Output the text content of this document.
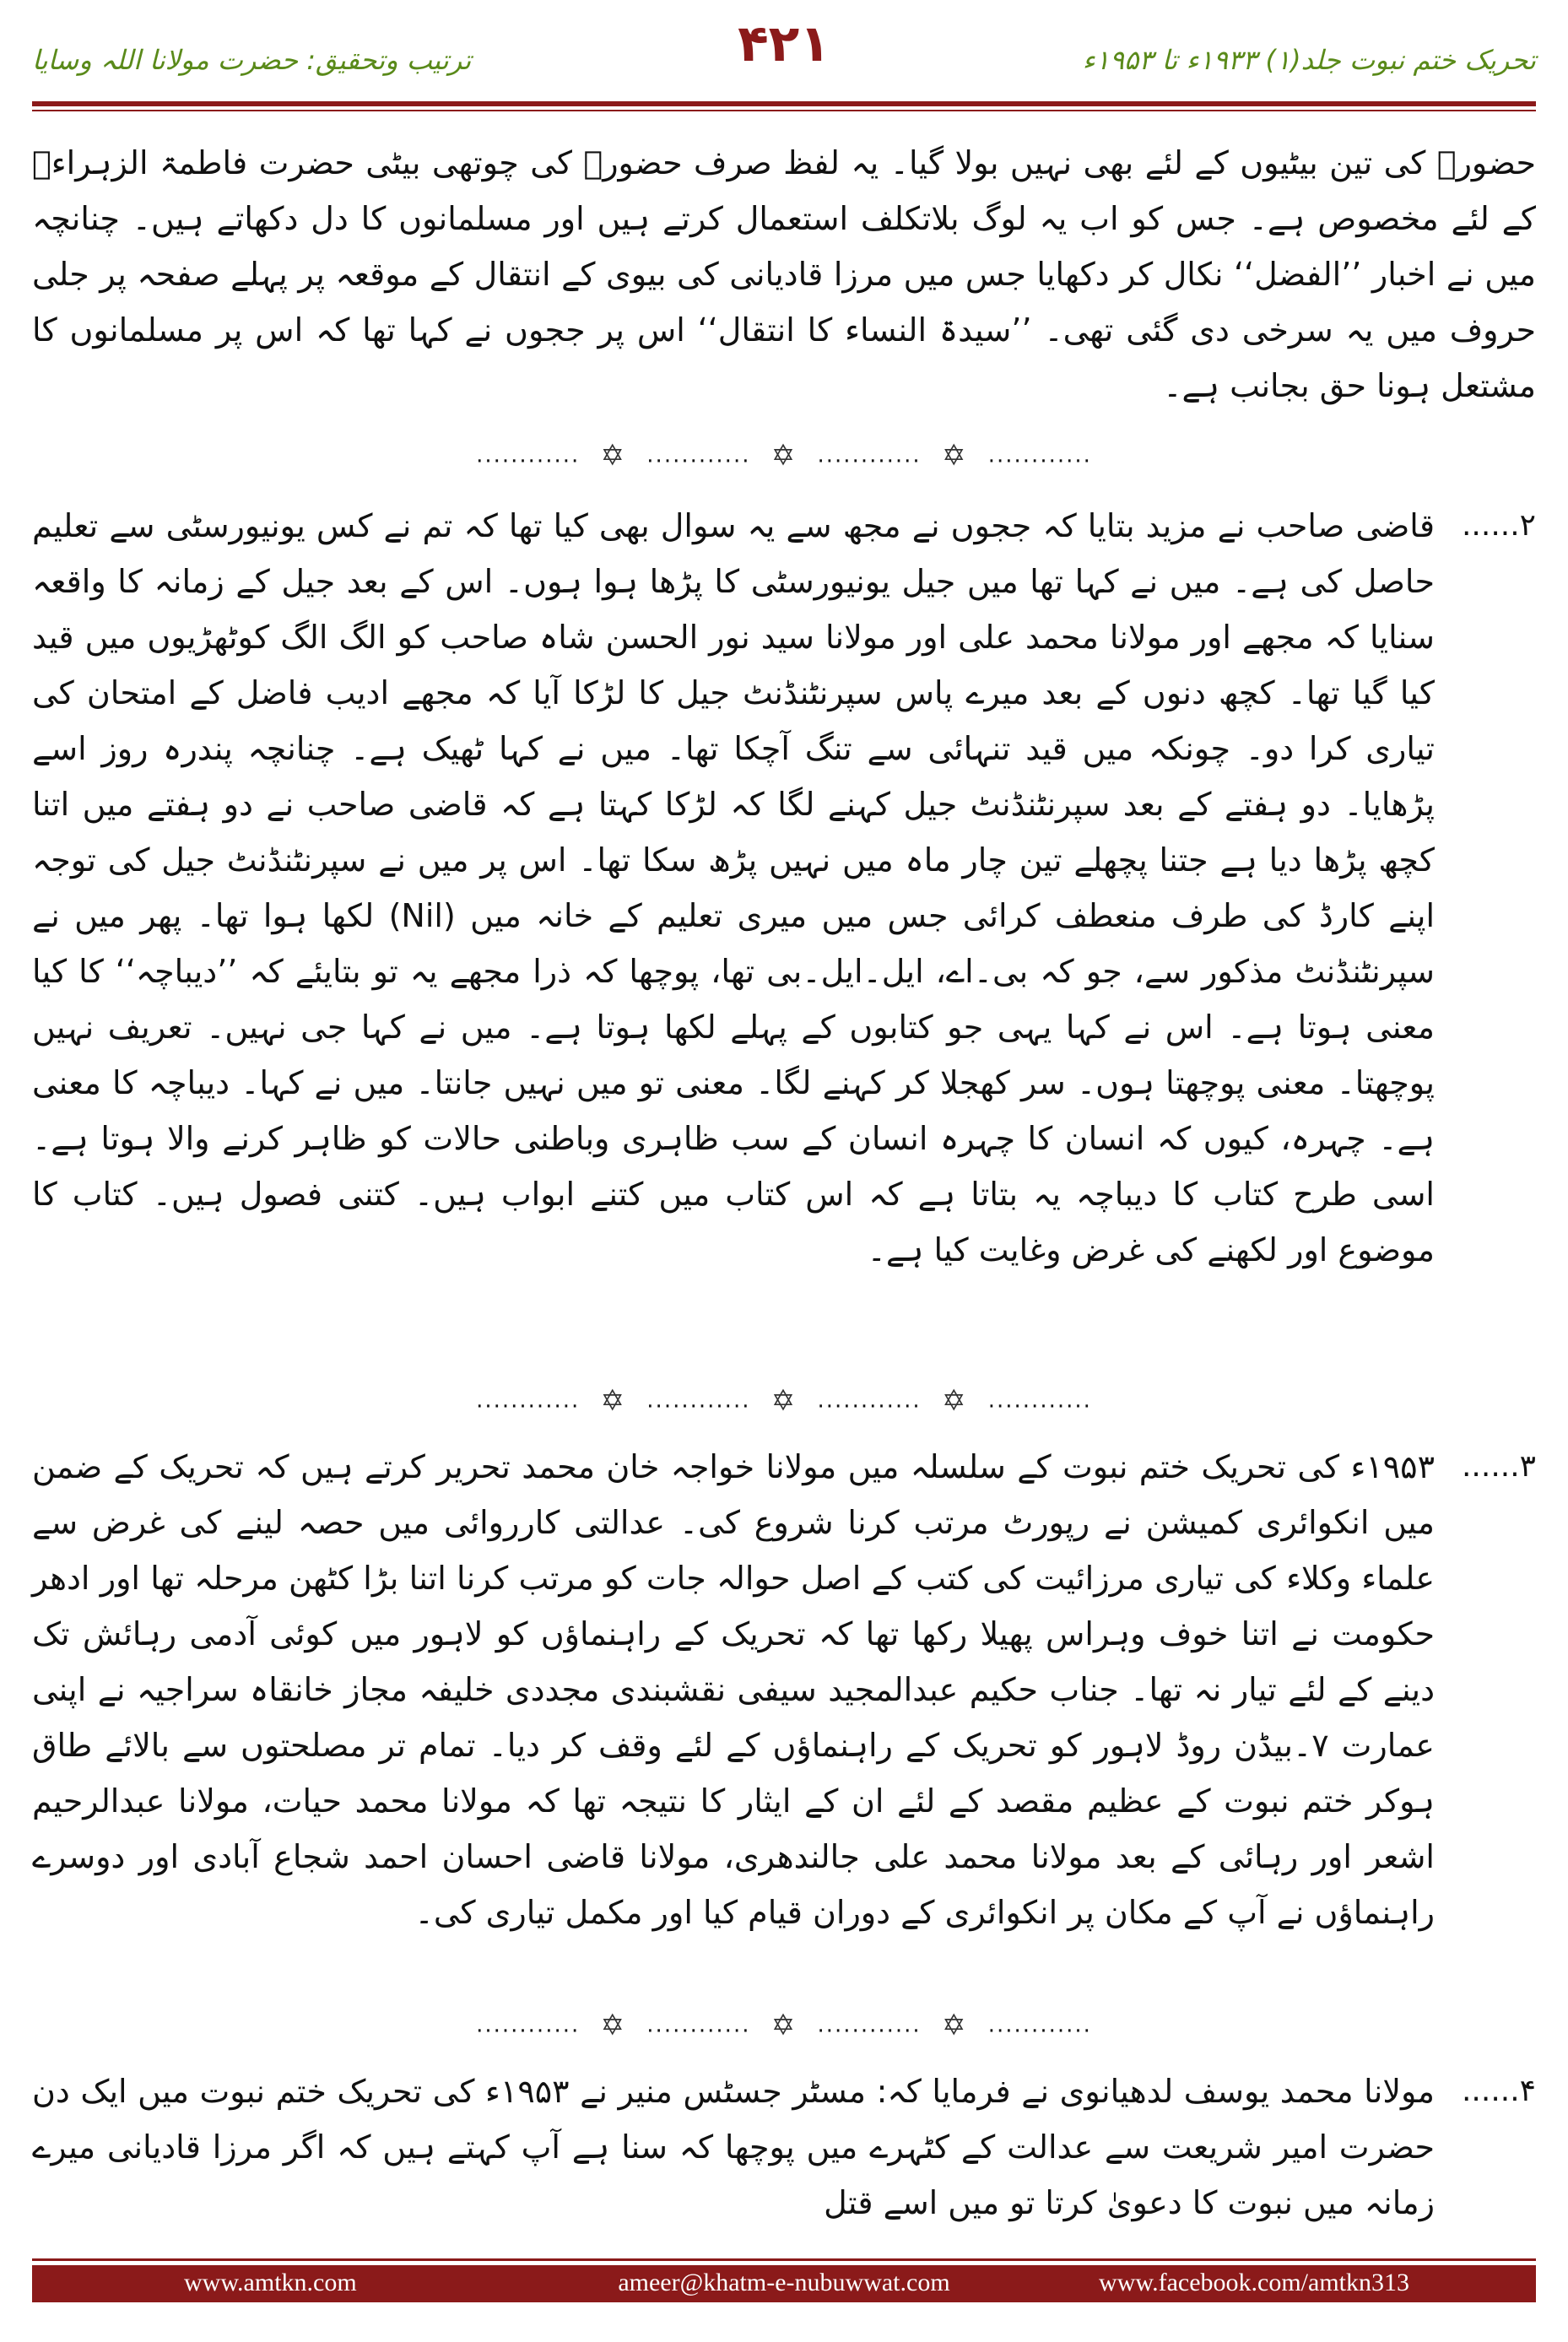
تحریک ختم نبوت جلد(۱) ۱۹۳۳ء تا ۱۹۵۳ء
۴۲۱
ترتیب وتحقیق: حضرت مولانا اللہ وسایا
حضورﷺ کی تین بیٹیوں کے لئے بھی نہیں بولا گیا۔ یہ لفظ صرف حضورﷺ کی چوتھی بیٹی حضرت فاطمۃ الزہراءؓ کے لئے مخصوص ہے۔ جس کو اب یہ لوگ بلاتکلف استعمال کرتے ہیں اور مسلمانوں کا دل دکھاتے ہیں۔ چنانچہ میں نے اخبار ’’الفضل‘‘ نکال کر دکھایا جس میں مرزا قادیانی کی بیوی کے انتقال کے موقعہ پر پہلے صفحہ پر جلی حروف میں یہ سرخی دی گئی تھی۔ ’’سیدۃ النساء کا انتقال‘‘ اس پر ججوں نے کہا تھا کہ اس پر مسلمانوں کا مشتعل ہونا حق بجانب ہے۔
............ ✡ ............ ✡ ............ ✡ ............
۲......
قاضی صاحب نے مزید بتایا کہ ججوں نے مجھ سے یہ سوال بھی کیا تھا کہ تم نے کس یونیورسٹی سے تعلیم حاصل کی ہے۔ میں نے کہا تھا میں جیل یونیورسٹی کا پڑھا ہوا ہوں۔ اس کے بعد جیل کے زمانہ کا واقعہ سنایا کہ مجھے اور مولانا محمد علی اور مولانا سید نور الحسن شاہ صاحب کو الگ الگ کوٹھڑیوں میں قید کیا گیا تھا۔ کچھ دنوں کے بعد میرے پاس سپرنٹنڈنٹ جیل کا لڑکا آیا کہ مجھے ادیب فاضل کے امتحان کی تیاری کرا دو۔ چونکہ میں قید تنہائی سے تنگ آچکا تھا۔ میں نے کہا ٹھیک ہے۔ چنانچہ پندرہ روز اسے پڑھایا۔ دو ہفتے کے بعد سپرنٹنڈنٹ جیل کہنے لگا کہ لڑکا کہتا ہے کہ قاضی صاحب نے دو ہفتے میں اتنا کچھ پڑھا دیا ہے جتنا پچھلے تین چار ماہ میں نہیں پڑھ سکا تھا۔ اس پر میں نے سپرنٹنڈنٹ جیل کی توجہ اپنے کارڈ کی طرف منعطف کرائی جس میں میری تعلیم کے خانہ میں (Nil) لکھا ہوا تھا۔ پھر میں نے سپرنٹنڈنٹ مذکور سے، جو کہ بی۔اے، ایل۔ایل۔بی تھا، پوچھا کہ ذرا مجھے یہ تو بتایئے کہ ’’دیباچہ‘‘ کا کیا معنی ہوتا ہے۔ اس نے کہا یہی جو کتابوں کے پہلے لکھا ہوتا ہے۔ میں نے کہا جی نہیں۔ تعریف نہیں پوچھتا۔ معنی پوچھتا ہوں۔ سر کھجلا کر کہنے لگا۔ معنی تو میں نہیں جانتا۔ میں نے کہا۔ دیباچہ کا معنی ہے۔ چہرہ، کیوں کہ انسان کا چہرہ انسان کے سب ظاہری وباطنی حالات کو ظاہر کرنے والا ہوتا ہے۔ اسی طرح کتاب کا دیباچہ یہ بتاتا ہے کہ اس کتاب میں کتنے ابواب ہیں۔ کتنی فصول ہیں۔ کتاب کا موضوع اور لکھنے کی غرض وغایت کیا ہے۔
............ ✡ ............ ✡ ............ ✡ ............
۳......
۱۹۵۳ء کی تحریک ختم نبوت کے سلسلہ میں مولانا خواجہ خان محمد تحریر کرتے ہیں کہ تحریک کے ضمن میں انکوائری کمیشن نے رپورٹ مرتب کرنا شروع کی۔ عدالتی کارروائی میں حصہ لینے کی غرض سے علماء وکلاء کی تیاری مرزائیت کی کتب کے اصل حوالہ جات کو مرتب کرنا اتنا بڑا کٹھن مرحلہ تھا اور ادھر حکومت نے اتنا خوف وہراس پھیلا رکھا تھا کہ تحریک کے راہنماؤں کو لاہور میں کوئی آدمی رہائش تک دینے کے لئے تیار نہ تھا۔ جناب حکیم عبدالمجید سیفی نقشبندی مجددی خلیفہ مجاز خانقاہ سراجیہ نے اپنی عمارت ۷۔بیڈن روڈ لاہور کو تحریک کے راہنماؤں کے لئے وقف کر دیا۔ تمام تر مصلحتوں سے بالائے طاق ہوکر ختم نبوت کے عظیم مقصد کے لئے ان کے ایثار کا نتیجہ تھا کہ مولانا محمد حیات، مولانا عبدالرحیم اشعر اور رہائی کے بعد مولانا محمد علی جالندھری، مولانا قاضی احسان احمد شجاع آبادی اور دوسرے راہنماؤں نے آپ کے مکان پر انکوائری کے دوران قیام کیا اور مکمل تیاری کی۔
............ ✡ ............ ✡ ............ ✡ ............
۴......
مولانا محمد یوسف لدھیانوی نے فرمایا کہ: مسٹر جسٹس منیر نے ۱۹۵۳ء کی تحریک ختم نبوت میں ایک دن حضرت امیر شریعت سے عدالت کے کٹہرے میں پوچھا کہ سنا ہے آپ کہتے ہیں کہ اگر مرزا قادیانی میرے زمانہ میں نبوت کا دعویٰ کرتا تو میں اسے قتل
www.amtkn.com	ameer@khatm-e-nubuwwat.com	www.facebook.com/amtkn313
